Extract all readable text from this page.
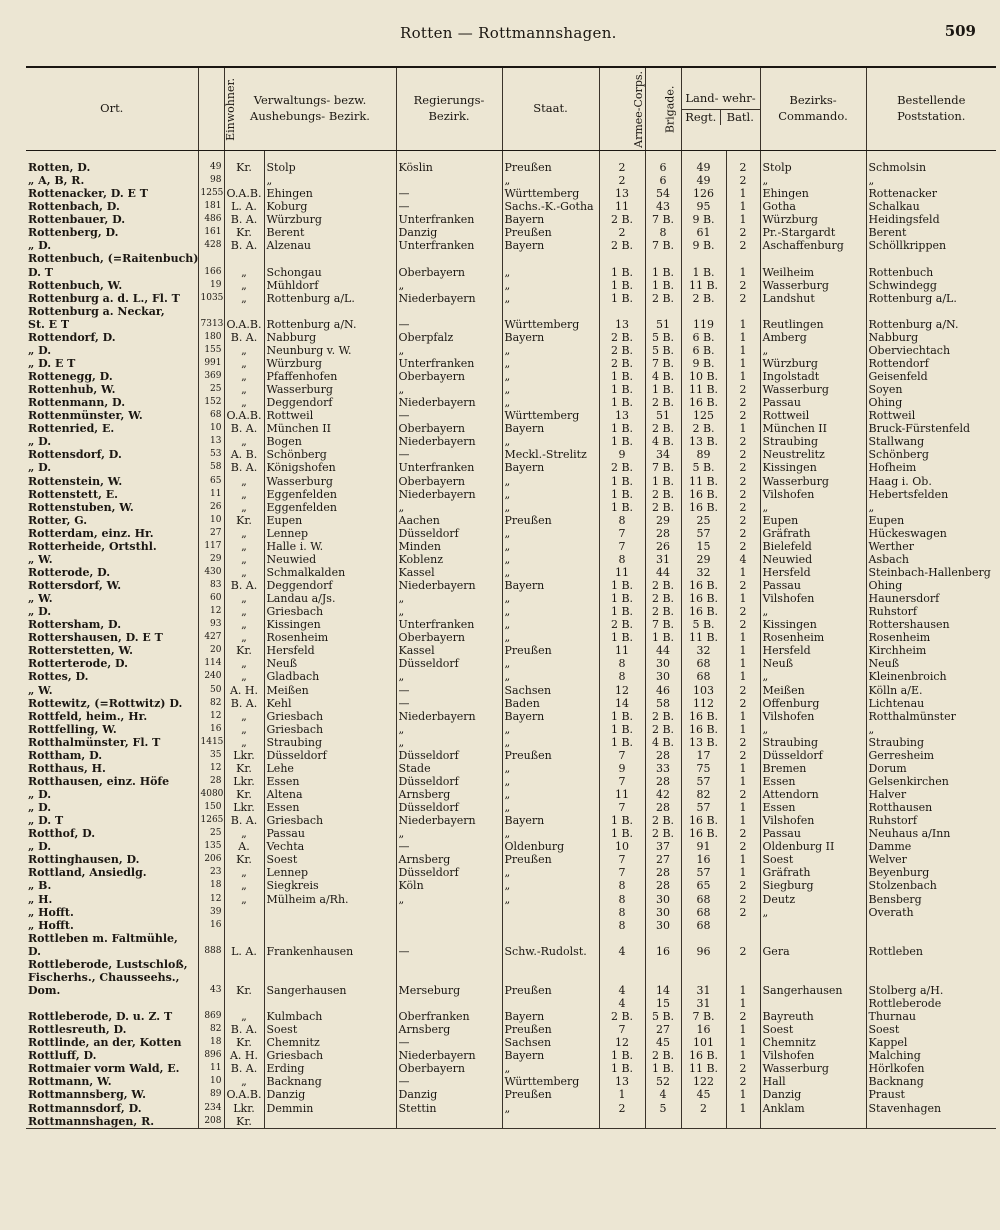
Rotten — Rottmannshagen.	509
Ort.	Einwohner.	Verwaltungs- bezw. Aushebungs- Bezirk.		Regierungs- Bezirk.	Staat.	Armee-Corps.	Brigade.	Land- wehr-
Regt. Batl.		Bezirks- Commando.	Bestellende Poststation.
Rotten, D.	49	Kr.	Stolp	Köslin	Preußen	2	6	49	2	Stolp	Schmolsin
„ A, B, R.	98		„		„	2	6	49	2	„	„
Rottenacker, D. E T	1255	O.A.B.	Ehingen	—	Württemberg	13	54	126	1	Ehingen	Rottenacker
Rottenbach, D.	181	L. A.	Koburg	—	Sachs.-K.-Gotha	11	43	95	1	Gotha	Schalkau
Rottenbauer, D.	486	B. A.	Würzburg	Unterfranken	Bayern	2 B.	7 B.	9 B.	1	Würzburg	Heidingsfeld
Rottenberg, D.	161	Kr.	Berent	Danzig	Preußen	2	8	61	2	Pr.-Stargardt	Berent
„ D.	428	B. A.	Alzenau	Unterfranken	Bayern	2 B.	7 B.	9 B.	2	Aschaffenburg	Schöllkrippen
Rottenbuch, (=Raitenbuch)											
D. T	166	„	Schongau	Oberbayern	„	1 B.	1 B.	1 B.	1	Weilheim	Rottenbuch
Rottenbuch, W.	19	„	Mühldorf	„	„	1 B.	1 B.	11 B.	2	Wasserburg	Schwindegg
Rottenburg a. d. L., Fl. T	1035	„	Rottenburg a/L.	Niederbayern	„	1 B.	2 B.	2 B.	2	Landshut	Rottenburg a/L.
Rottenburg a. Neckar,											
St. E T	7313	O.A.B.	Rottenburg a/N.	—	Württemberg	13	51	119	1	Reutlingen	Rottenburg a/N.
Rottendorf, D.	180	B. A.	Nabburg	Oberpfalz	Bayern	2 B.	5 B.	6 B.	1	Amberg	Nabburg
„ D.	155	„	Neunburg v. W.	„	„	2 B.	5 B.	6 B.	1	„	Oberviechtach
„ D. E T	991	„	Würzburg	Unterfranken	„	2 B.	7 B.	9 B.	1	Würzburg	Rottendorf
Rottenegg, D.	369	„	Pfaffenhofen	Oberbayern	„	1 B.	4 B.	10 B.	1	Ingolstadt	Geisenfeld
Rottenhub, W.	25	„	Wasserburg	„	„	1 B.	1 B.	11 B.	2	Wasserburg	Soyen
Rottenmann, D.	152	„	Deggendorf	Niederbayern	„	1 B.	2 B.	16 B.	2	Passau	Ohing
Rottenmünster, W.	68	O.A.B.	Rottweil	—	Württemberg	13	51	125	2	Rottweil	Rottweil
Rottenried, E.	10	B. A.	München II	Oberbayern	Bayern	1 B.	2 B.	2 B.	1	München II	Bruck-Fürstenfeld
„ D.	13	„	Bogen	Niederbayern	„	1 B.	4 B.	13 B.	2	Straubing	Stallwang
Rottensdorf, D.	53	A. B.	Schönberg	—	Meckl.-Strelitz	9	34	89	2	Neustrelitz	Schönberg
„ D.	58	B. A.	Königshofen	Unterfranken	Bayern	2 B.	7 B.	5 B.	2	Kissingen	Hofheim
Rottenstein, W.	65	„	Wasserburg	Oberbayern	„	1 B.	1 B.	11 B.	2	Wasserburg	Haag i. Ob.
Rottenstett, E.	11	„	Eggenfelden	Niederbayern	„	1 B.	2 B.	16 B.	2	Vilshofen	Hebertsfelden
Rottenstuben, W.	26	„	Eggenfelden	„	„	1 B.	2 B.	16 B.	2	„	„
Rotter, G.	10	Kr.	Eupen	Aachen	Preußen	8	29	25	2	Eupen	Eupen
Rotterdam, einz. Hr.	27	„	Lennep	Düsseldorf	„	7	28	57	2	Gräfrath	Hückeswagen
Rotterheide, Ortsthl.	117	„	Halle i. W.	Minden	„	7	26	15	2	Bielefeld	Werther
„ W.	29	„	Neuwied	Koblenz	„	8	31	29	4	Neuwied	Asbach
Rotterode, D.	430	„	Schmalkalden	Kassel	„	11	44	32	1	Hersfeld	Steinbach-Hallenberg
Rottersdorf, W.	83	B. A.	Deggendorf	Niederbayern	Bayern	1 B.	2 B.	16 B.	2	Passau	Ohing
„ W.	60	„	Landau a/Js.	„	„	1 B.	2 B.	16 B.	1	Vilshofen	Haunersdorf
„ D.	12	„	Griesbach	„	„	1 B.	2 B.	16 B.	2	„	Ruhstorf
Rottersham, D.	93	„	Kissingen	Unterfranken	„	2 B.	7 B.	5 B.	2	Kissingen	Rottershausen
Rottershausen, D. E T	427	„	Rosenheim	Oberbayern	„	1 B.	1 B.	11 B.	1	Rosenheim	Rosenheim
Rotterstetten, W.	20	Kr.	Hersfeld	Kassel	Preußen	11	44	32	1	Hersfeld	Kirchheim
Rotterterode, D.	114	„	Neuß	Düsseldorf	„	8	30	68	1	Neuß	Neuß
Rottes, D.	240	„	Gladbach	„	„	8	30	68	1	„	Kleinenbroich
„ W.	50	A. H.	Meißen	—	Sachsen	12	46	103	2	Meißen	Kölln a/E.
Rottewitz, (=Rottwitz) D.	82	B. A.	Kehl	—	Baden	14	58	112	2	Offenburg	Lichtenau
Rottfeld, heim., Hr.	12	„	Griesbach	Niederbayern	Bayern	1 B.	2 B.	16 B.	1	Vilshofen	Rotthalmünster
Rottfelling, W.	16	„	Griesbach	„	„	1 B.	2 B.	16 B.	1	„	„
Rotthalmünster, Fl. T	1415	„	Straubing	„	„	1 B.	4 B.	13 B.	2	Straubing	Straubing
Rottham, D.	35	Lkr.	Düsseldorf	Düsseldorf	Preußen	7	28	17	2	Düsseldorf	Gerresheim
Rotthaus, H.	12	Kr.	Lehe	Stade	„	9	33	75	1	Bremen	Dorum
Rotthausen, einz. Höfe	28	Lkr.	Essen	Düsseldorf	„	7	28	57	1	Essen	Gelsenkirchen
„ D.	4080	Kr.	Altena	Arnsberg	„	11	42	82	2	Attendorn	Halver
„ D.	150	Lkr.	Essen	Düsseldorf	„	7	28	57	1	Essen	Rotthausen
„ D. T	1265	B. A.	Griesbach	Niederbayern	Bayern	1 B.	2 B.	16 B.	1	Vilshofen	Ruhstorf
Rotthof, D.	25	„	Passau	„	„	1 B.	2 B.	16 B.	2	Passau	Neuhaus a/Inn
„ D.	135	A.	Vechta	—	Oldenburg	10	37	91	2	Oldenburg II	Damme
Rottinghausen, D.	206	Kr.	Soest	Arnsberg	Preußen	7	27	16	1	Soest	Welver
Rottland, Ansiedlg.	23	„	Lennep	Düsseldorf	„	7	28	57	1	Gräfrath	Beyenburg
„ B.	18	„	Siegkreis	Köln	„	8	28	65	2	Siegburg	Stolzenbach
„ H.	12	„	Mülheim a/Rh.	„	„	8	30	68	2	Deutz	Bensberg
„ Hofft.	39					8	30	68	2	„	Overath
„ Hofft.	16					8	30	68			
Rottleben m. Faltmühle,											
D.	888	L. A.	Frankenhausen	—	Schw.-Rudolst.	4	16	96	2	Gera	Rottleben
Rottleberode, Lustschloß,											
Fischerhs., Chausseehs.,											
Dom.	43	Kr.	Sangerhausen	Merseburg	Preußen	4	14	31	1	Sangerhausen	Stolberg a/H.
						4	15	31	1		Rottleberode
Rottleberode, D. u. Z. T	869	„	Kulmbach	Oberfranken	Bayern	2 B.	5 B.	7 B.	2	Bayreuth	Thurnau
Rottlesreuth, D.	82	B. A.	Soest	Arnsberg	Preußen	7	27	16	1	Soest	Soest
Rottlinde, an der, Kotten	18	Kr.	Chemnitz	—	Sachsen	12	45	101	1	Chemnitz	Kappel
Rottluff, D.	896	A. H.	Griesbach	Niederbayern	Bayern	1 B.	2 B.	16 B.	1	Vilshofen	Malching
Rottmaier vorm Wald, E.	11	B. A.	Erding	Oberbayern	„	1 B.	1 B.	11 B.	2	Wasserburg	Hörlkofen
Rottmann, W.	10	„	Backnang	—	Württemberg	13	52	122	2	Hall	Backnang
Rottmannsberg, W.	89	O.A.B.	Danzig	Danzig	Preußen	1	4	45	1	Danzig	Praust
Rottmannsdorf, D.	234	Lkr.	Demmin	Stettin	„	2	5	2	1	Anklam	Stavenhagen
Rottmannshagen, R.	208	Kr.									
